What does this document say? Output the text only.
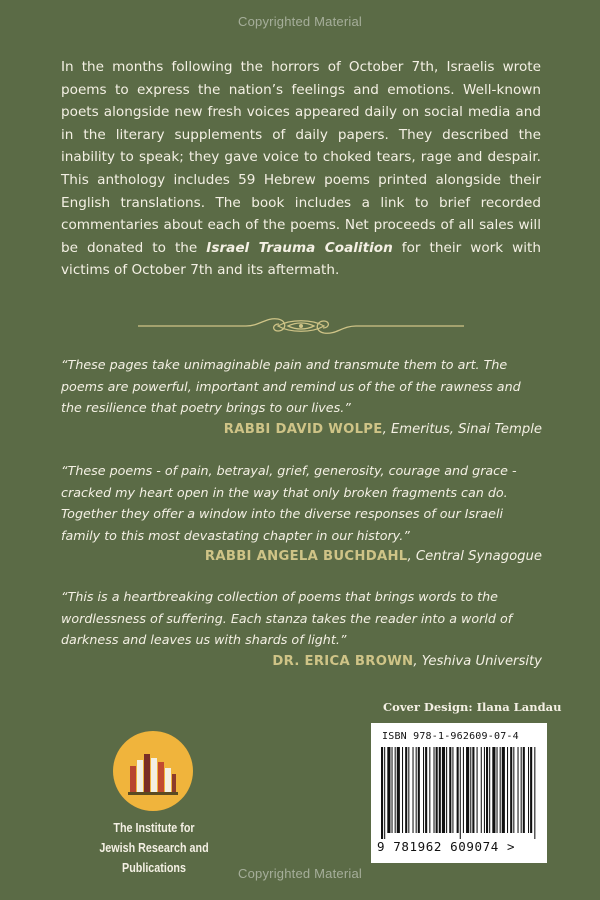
Copyrighted Material
In the months following the horrors of October 7th, Israelis wrote poems to express the nation’s feelings and emotions. Well-known poets alongside new fresh voices appeared daily on social media and in the literary supplements of daily papers. They described the inability to speak; they gave voice to choked tears, rage and despair. This anthology includes 59 Hebrew poems printed alongside their English translations. The book includes a link to brief recorded commentaries about each of the poems. Net proceeds of all sales will be donated to the Israel Trauma Coalition for their work with victims of October 7th and its aftermath.
“These pages take unimaginable pain and transmute them to art. The poems are powerful, important and remind us of the of the rawness and the resilience that poetry brings to our lives.”
RABBI DAVID WOLPE, Emeritus, Sinai Temple
“These poems - of pain, betrayal, grief, generosity, courage and grace - cracked my heart open in the way that only broken fragments can do. Together they offer a window into the diverse responses of our Israeli family to this most devastating chapter in our history.”
RABBI ANGELA BUCHDAHL, Central Synagogue
“This is a heartbreaking collection of poems that brings words to the wordlessness of suffering. Each stanza takes the reader into a world of darkness and leaves us with shards of light.”
DR. ERICA BROWN, Yeshiva University
Cover Design: Ilana Landau
The Institute for
Jewish Research and Publications
ISBN 978-1-962609-07-4
9 781962 609074 >
Copyrighted Material
